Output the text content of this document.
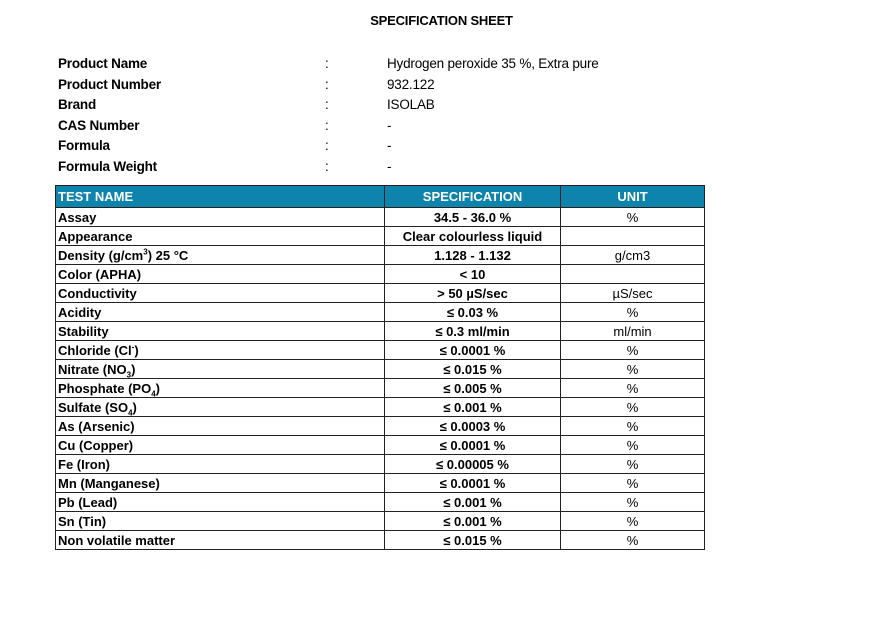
SPECIFICATION SHEET
Product Name	:	Hydrogen peroxide 35 %, Extra pure
Product Number	:	932.122
Brand	:	ISOLAB
CAS Number	:	-
Formula	:	-
Formula Weight	:	-
TEST NAME	SPECIFICATION	UNIT
Assay	34.5 - 36.0 %	%
Appearance	Clear colourless liquid	
Density $(g/cm^3)$ 25 °C	1.128 - 1.132	g/cm3
Color (APHA)	< 10	
Conductivity	> 50 µS/sec	µS/sec
Acidity	≤ 0.03 %	%
Stability	≤ 0.3 ml/min	ml/min
Chloride (Cl-)	≤ 0.0001 %	%
Nitrate $(NO_3)$	≤ 0.015 %	%
Phosphate $(PO_4)$	≤ 0.005 %	%
Sulfate $(SO_4)$	≤ 0.001 %	%
As (Arsenic)	≤ 0.0003 %	%
Cu (Copper)	≤ 0.0001 %	%
Fe (Iron)	≤ 0.00005 %	%
Mn (Manganese)	≤ 0.0001 %	%
Pb (Lead)	≤ 0.001 %	%
Sn (Tin)	≤ 0.001 %	%
Non volatile matter	≤ 0.015 %	%
